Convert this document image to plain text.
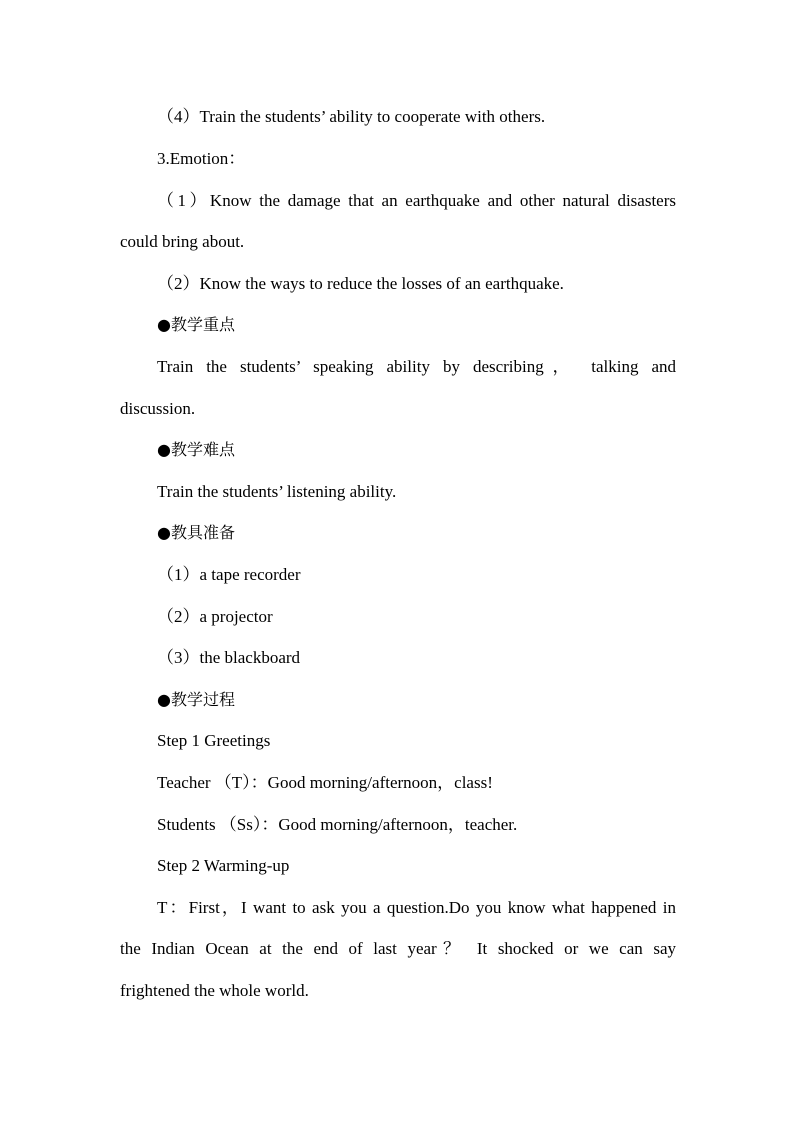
（4）Train the students’ ability to cooperate with others.
3.Emotion：
（1）Know the damage that an earthquake and other natural disasters
could bring about.
（2）Know the ways to reduce the losses of an earthquake.
●教学重点
Train the students’ speaking ability by describing， talking and
discussion.
●教学难点
Train the students’ listening ability.
●教具准备
（1）a tape recorder
（2）a projector
（3）the blackboard
●教学过程
Step 1 Greetings
Teacher （T）：Good morning/afternoon，class!
Students （Ss）：Good morning/afternoon，teacher.
Step 2 Warming-up
T：First，I want to ask you a question.Do you know what happened in
the Indian Ocean at the end of last year？ It shocked or we can say
frightened the whole world.
